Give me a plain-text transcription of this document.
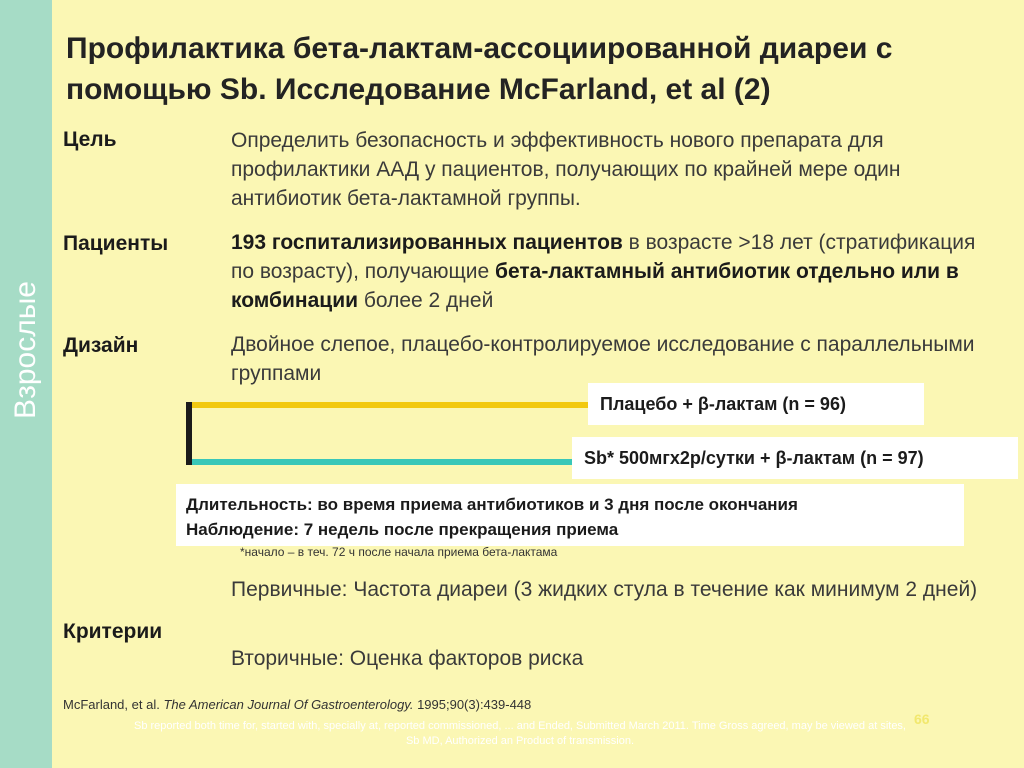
Взрослые
Профилактика бета-лактам-ассоциированной диареи с помощью Sb. Исследование McFarland, et al (2)
Цель	Определить безопасность и эффективность нового препарата для профилактики ААД у пациентов, получающих по крайней мере один антибиотик бета-лактамной группы.
Пациенты	193 госпитализированных пациентов в возрасте >18 лет (стратификация по возрасту), получающие бета-лактамный антибиотик отдельно или в комбинации более 2 дней
Дизайн	Двойное слепое, плацебо-контролируемое исследование с параллельными группами
Плацебо + β-лактам (n = 96)
Sb* 500мгх2р/сутки + β-лактам (n = 97)
Длительность: во время приема антибиотиков и 3 дня после окончания
Наблюдение: 7 недель после прекращения приема
*начало – в теч. 72 ч после начала приема бета-лактама
Первичные: Частота диареи (3 жидких стула в течение как минимум 2 дней)
Критерии
Вторичные: Оценка факторов риска
McFarland, et al. The American Journal Of Gastroenterology. 1995;90(3):439-448
66
Sb reported both time for, started with, specially at, reported commissioned, ... and Ended, Submitted March 2011. Time Gross agreed, may be viewed at sites, Sb MD, Authorized an Product of transmission.
